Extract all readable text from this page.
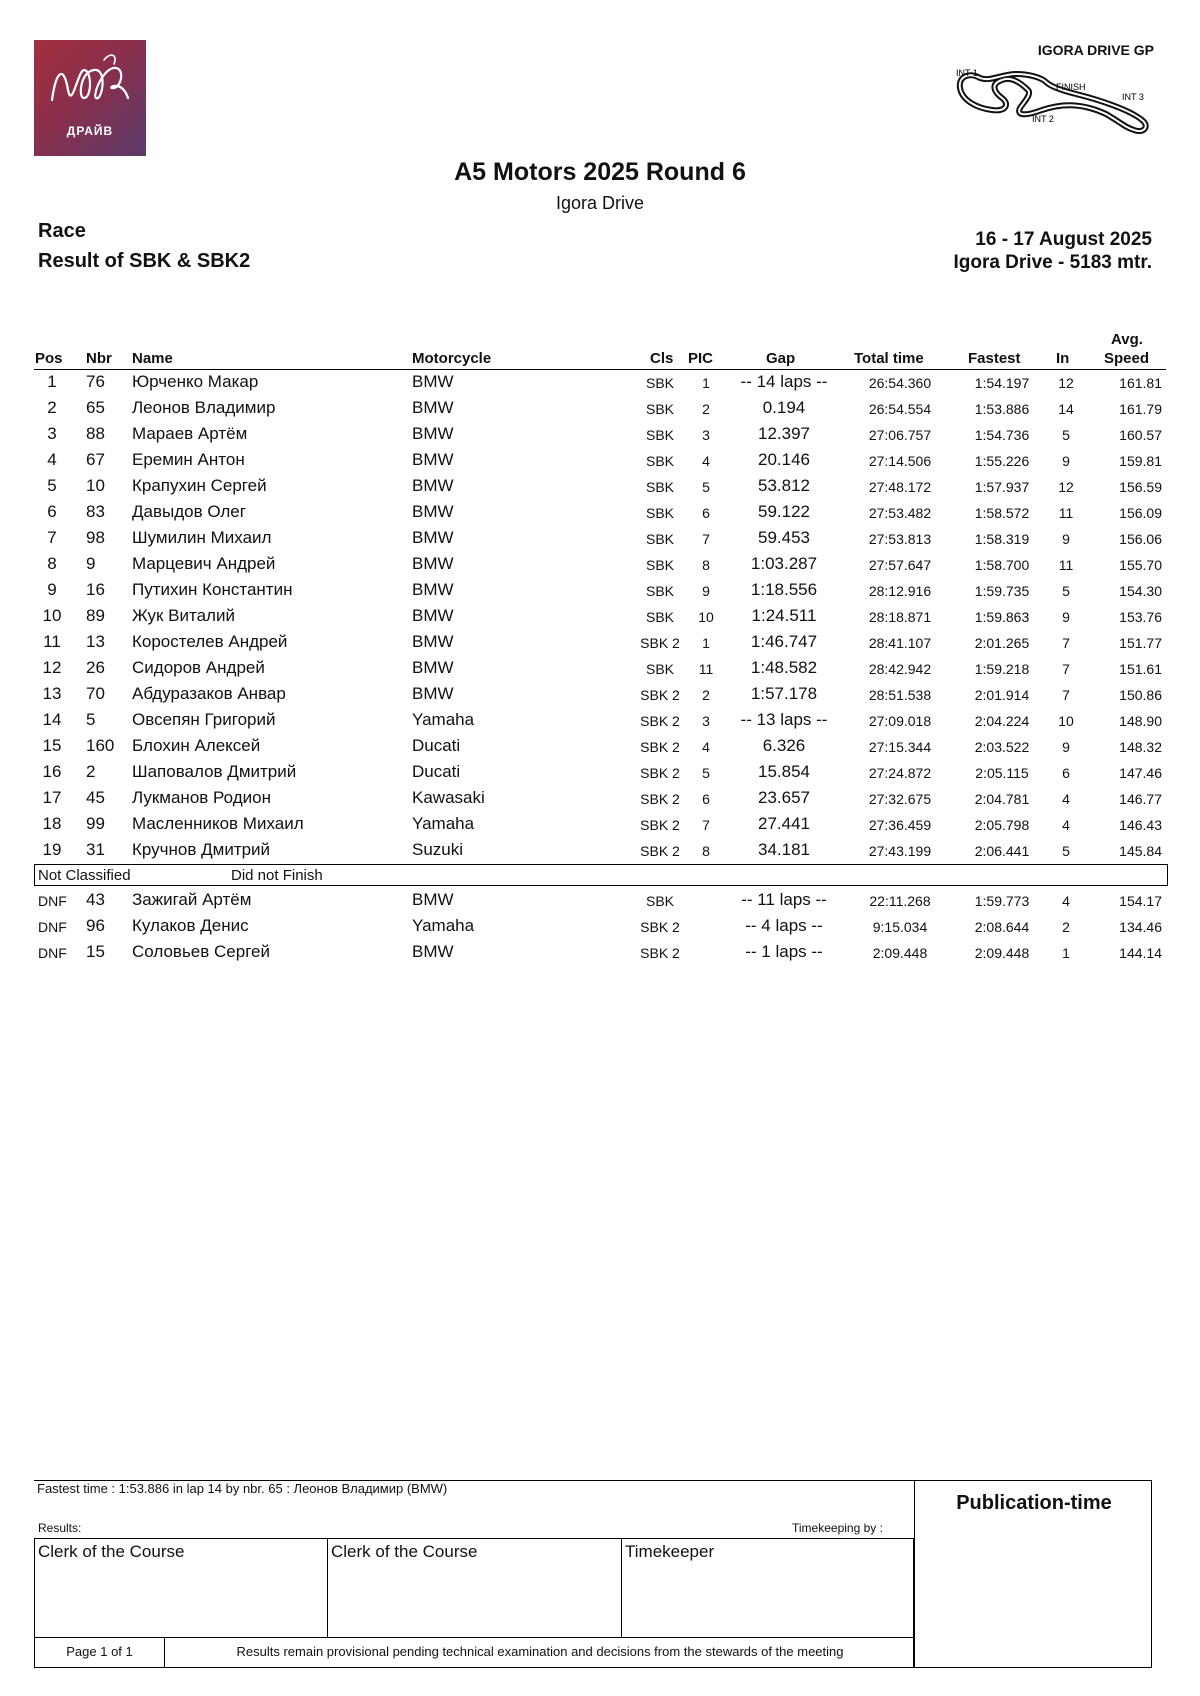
ДРАЙВ
IGORA DRIVE GP
INT 1
FINISH
INT 2
INT 3
A5 Motors 2025 Round 6
Igora Drive
Race
Result of SBK & SBK2
16 - 17 August 2025
Igora Drive - 5183 mtr.
Pos Nbr Name	Motorcycle	Cls PIC	Gap	Total time	Fastest In
Avg.
Speed
1	76 Юрченко Макар	BMW	SBK	1	-- 14 laps --	26:54.360	1:54.197	12	161.81
2	65 Леонов Владимир	BMW	SBK	2	0.194	26:54.554	1:53.886	14	161.79
3	88 Мараев Артём	BMW	SBK	3	12.397	27:06.757	1:54.736	5	160.57
4	67 Еремин Антон	BMW	SBK	4	20.146	27:14.506	1:55.226	9	159.81
5	10 Крапухин Сергей	BMW	SBK	5	53.812	27:48.172	1:57.937	12	156.59
6	83 Давыдов Олег	BMW	SBK	6	59.122	27:53.482	1:58.572	11	156.09
7	98 Шумилин Михаил	BMW	SBK	7	59.453	27:53.813	1:58.319	9	156.06
8	9 Марцевич Андрей	BMW	SBK	8	1:03.287	27:57.647	1:58.700	11	155.70
9	16 Путихин Константин	BMW	SBK	9	1:18.556	28:12.916	1:59.735	5	154.30
10 89 Жук Виталий	BMW	SBK	10	1:24.511	28:18.871	1:59.863	9	153.76
11	13 Коростелев Андрей	BMW	SBK 2	1	1:46.747	28:41.107	2:01.265	7	151.77
12 26 Сидоров Андрей	BMW	SBK	11	1:48.582	28:42.942	1:59.218	7	151.61
13 70 Абдуразаков Анвар	BMW	SBK 2	2	1:57.178	28:51.538	2:01.914	7	150.86
14 5 Овсепян Григорий	Yamaha	SBK 2	3	-- 13 laps --	27:09.018	2:04.224	10	148.90
15 160 Блохин Алексей	Ducati	SBK 2	4	6.326	27:15.344	2:03.522	9	148.32
16 2 Шаповалов Дмитрий	Ducati	SBK 2	5	15.854	27:24.872	2:05.115	6	147.46
17 45 Лукманов Родион	Kawasaki	SBK 2	6	23.657	27:32.675	2:04.781	4	146.77
18 99 Масленников Михаил	Yamaha	SBK 2	7	27.441	27:36.459	2:05.798	4	146.43
19 31 Кручнов Дмитрий	Suzuki	SBK 2	8	34.181	27:43.199	2:06.441	5	145.84
Not Classified	Did not Finish
DNF 43 Зажигай Артём	BMW	SBK	-- 11 laps --	22:11.268	1:59.773	4	154.17
DNF 96 Кулаков Денис	Yamaha	SBK 2	-- 4 laps --	9:15.034	2:08.644	2	134.46
DNF 15 Соловьев Сергей	BMW	SBK 2	-- 1 laps --	2:09.448	2:09.448	1	144.14
Fastest time : 1:53.886 in lap 14 by nbr. 65 : Леонов Владимир (BMW)
Results:	Timekeeping by :
Publication-time
Clerk of the Course	Clerk of the Course	Timekeeper
Page 1 of 1	Results remain provisional pending technical examination and decisions from the stewards of the meeting
